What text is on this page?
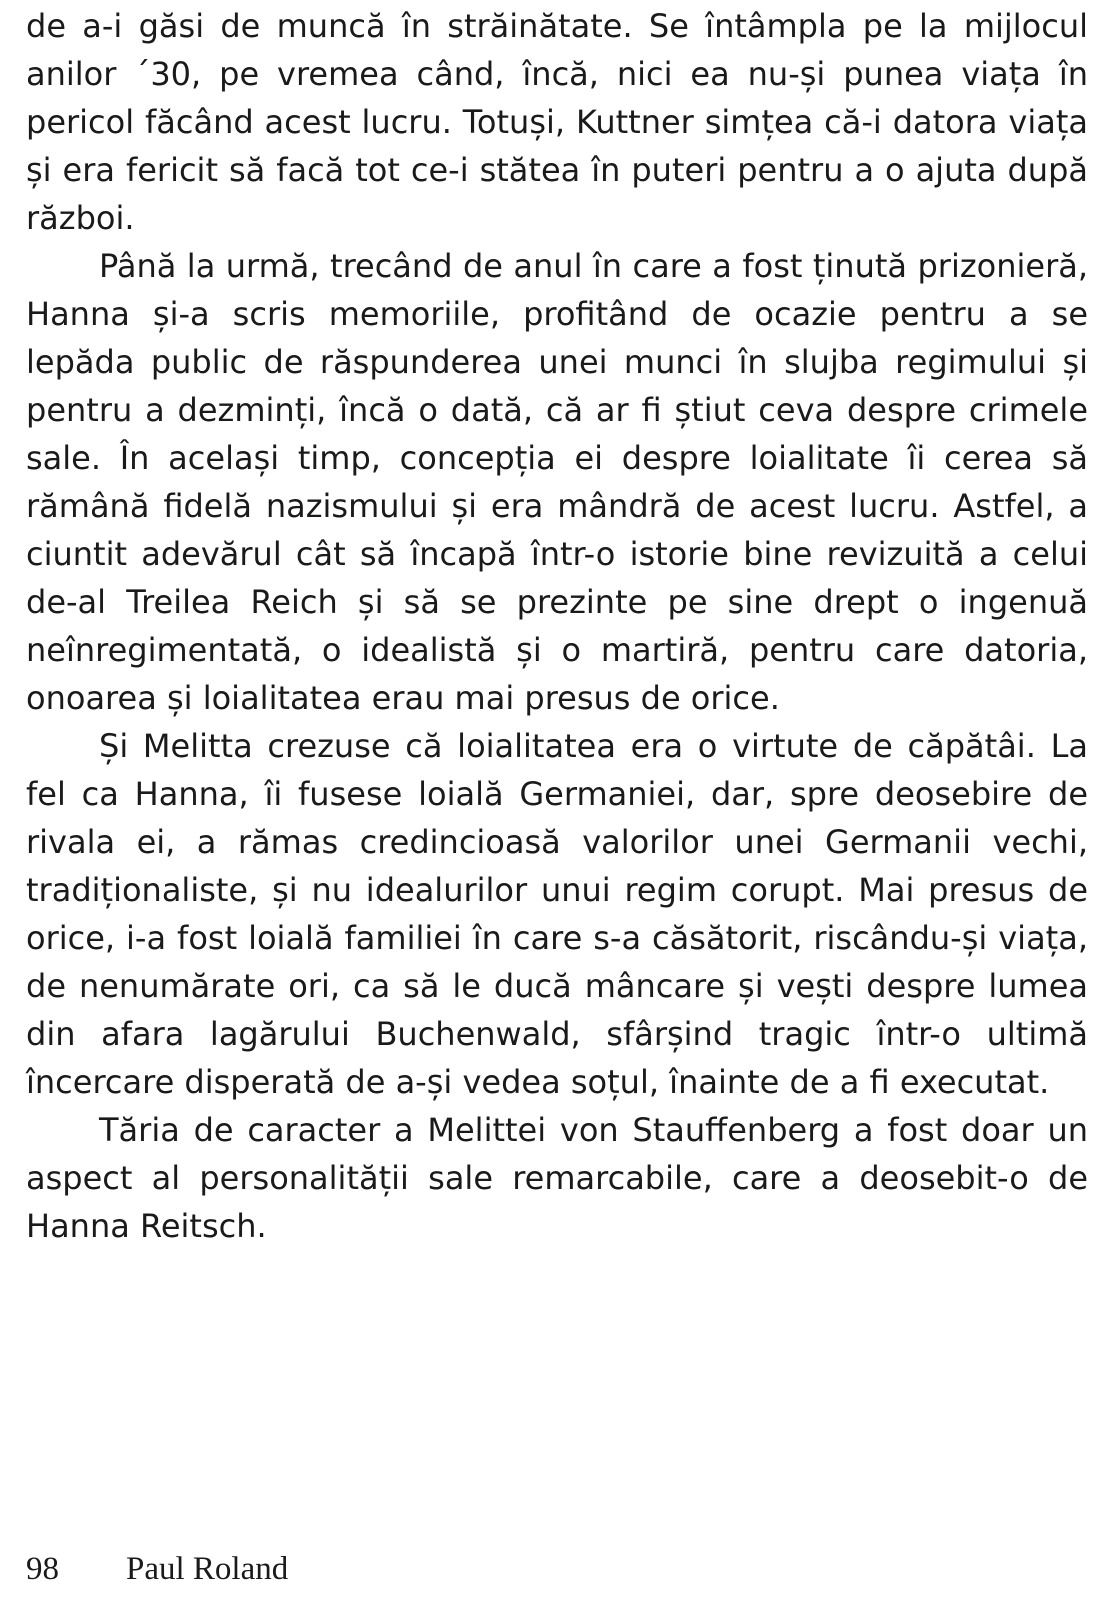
de a-i găsi de muncă în străinătate. Se întâmpla pe la mijlocul anilor ´30, pe vremea când, încă, nici ea nu-și punea viața în pericol făcând acest lucru. Totuși, Kuttner simțea că-i datora viața și era fericit să facă tot ce-i stătea în puteri pentru a o ajuta după război.

Până la urmă, trecând de anul în care a fost ținută prizonieră, Hanna și-a scris memoriile, profitând de ocazie pentru a se lepăda public de răspunderea unei munci în slujba regimului și pentru a dezminți, încă o dată, că ar fi știut ceva despre crimele sale. În același timp, concepția ei despre loialitate îi cerea să rămână fidelă nazismului și era mândră de acest lucru. Astfel, a ciuntit adevărul cât să încapă într-o istorie bine revizuită a celui de-al Treilea Reich și să se prezinte pe sine drept o ingenuă neînregimentată, o idealistă și o martiră, pentru care datoria, onoarea și loialitatea erau mai presus de orice.

Și Melitta crezuse că loialitatea era o virtute de căpătâi. La fel ca Hanna, îi fusese loială Germaniei, dar, spre deosebire de rivala ei, a rămas credincioasă valorilor unei Germanii vechi, tradiționaliste, și nu idealurilor unui regim corupt. Mai presus de orice, i-a fost loială familiei în care s-a căsătorit, riscându-și viața, de nenumărate ori, ca să le ducă mâncare și vești despre lumea din afara lagărului Buchenwald, sfârșind tragic într-o ultimă încercare disperată de a-și vedea soțul, înainte de a fi executat.

Tăria de caracter a Melittei von Stauffenberg a fost doar un aspect al personalității sale remarcabile, care a deosebit-o de Hanna Reitsch.

98 Paul Roland
